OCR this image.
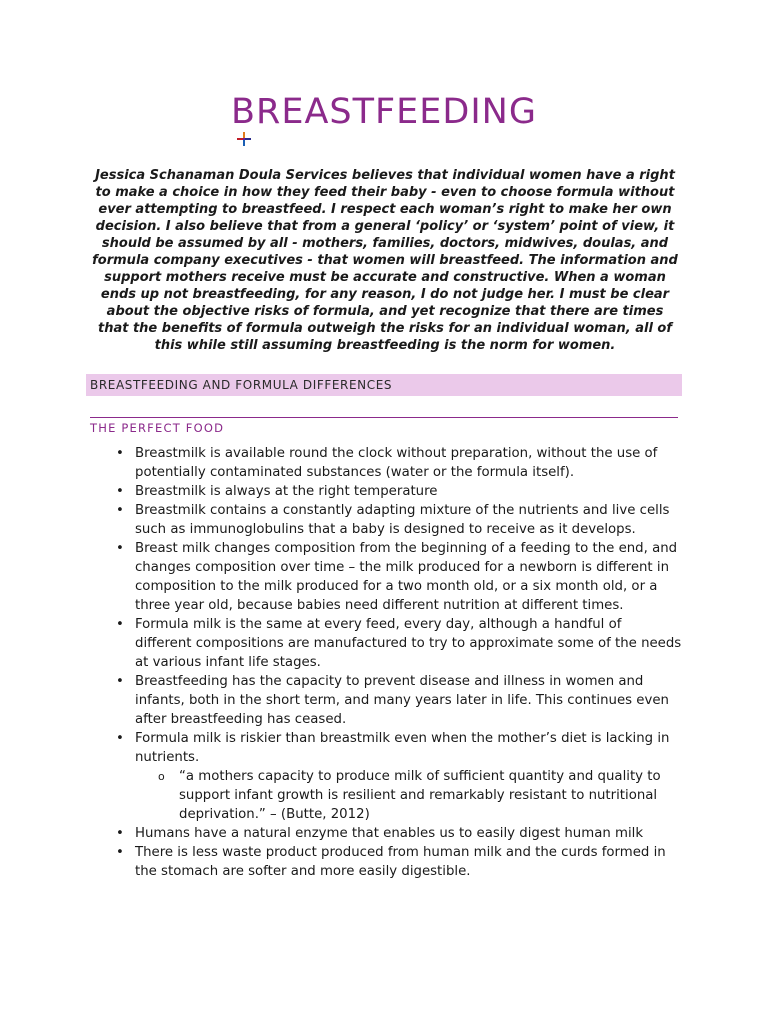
BREASTFEEDING

Jessica Schanaman Doula Services believes that individual women have a right to make a choice in how they feed their baby - even to choose formula without ever attempting to breastfeed. I respect each woman’s right to make her own decision. I also believe that from a general ‘policy’ or ‘system’ point of view, it should be assumed by all - mothers, families, doctors, midwives, doulas, and formula company executives - that women will breastfeed. The information and support mothers receive must be accurate and constructive. When a woman ends up not breastfeeding, for any reason, I do not judge her. I must be clear about the objective risks of formula, and yet recognize that there are times that the benefits of formula outweigh the risks for an individual woman, all of this while still assuming breastfeeding is the norm for women.

BREASTFEEDING AND FORMULA DIFFERENCES
THE PERFECT FOOD
• Breastmilk is available round the clock without preparation, without the use of potentially contaminated substances (water or the formula itself).
• Breastmilk is always at the right temperature
• Breastmilk contains a constantly adapting mixture of the nutrients and live cells such as immunoglobulins that a baby is designed to receive as it develops.
• Breast milk changes composition from the beginning of a feeding to the end, and changes composition over time – the milk produced for a newborn is different in composition to the milk produced for a two month old, or a six month old, or a three year old, because babies need different nutrition at different times.
• Formula milk is the same at every feed, every day, although a handful of different compositions are manufactured to try to approximate some of the needs at various infant life stages.
• Breastfeeding has the capacity to prevent disease and illness in women and infants, both in the short term, and many years later in life. This continues even after breastfeeding has ceased.
• Formula milk is riskier than breastmilk even when the mother’s diet is lacking in nutrients.
o “a mothers capacity to produce milk of sufficient quantity and quality to support infant growth is resilient and remarkably resistant to nutritional deprivation.” – (Butte, 2012)
• Humans have a natural enzyme that enables us to easily digest human milk
• There is less waste product produced from human milk and the curds formed in the stomach are softer and more easily digestible.
